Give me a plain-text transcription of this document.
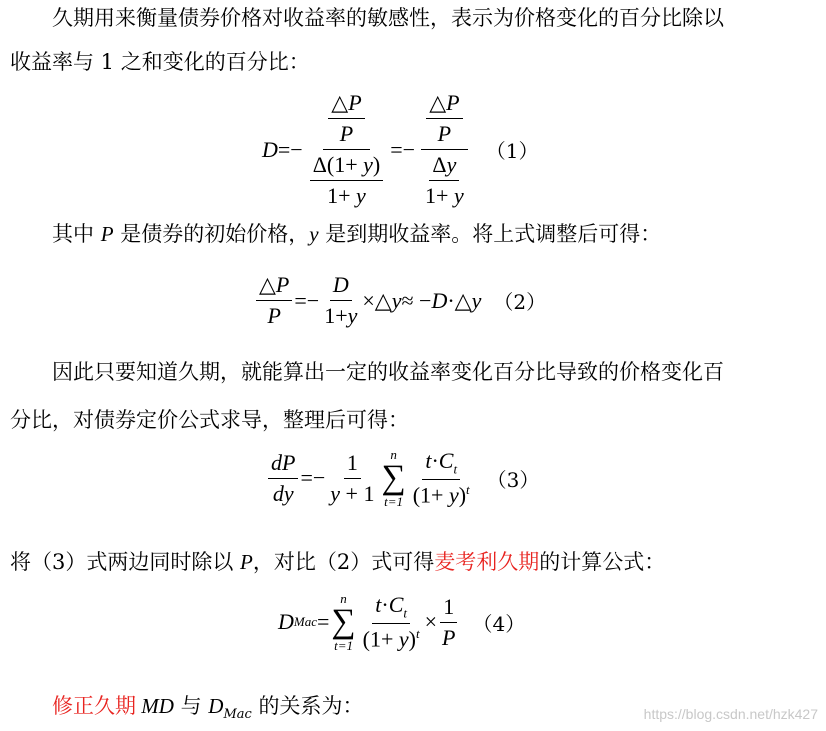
久期用来衡量债券价格对收益率的敏感性，表示为价格变化的百分比除以
收益率与 1 之和变化的百分比：
$D =- \frac{\frac{\triangle P}{P}}{\frac{\Delta(1+ y)}{1+ y}} =- \frac{\frac{\triangle P}{P}}{\frac{\Delta y}{1+ y}} (1)$
其中 P 是债券的初始价格，y 是到期收益率。将上式调整后可得：
$\frac{\triangle P}{P} =- \frac{D}{1+y}$ ×△ y ≈ − D ·△ y （2）
因此只要知道久期，就能算出一定的收益率变化百分比导致的价格变化百
分比，对债券定价公式求导，整理后可得：
$\frac{dP}{dy} =- \frac{1}{y + 1}$ n
∑
$t=1 \frac{t\cdot C_t}{(1+ y)^t} (3)$
将（3）式两边同时除以 P，对比（2）式可得麦考利久期的计算公式：
D Mac =
n
∑
$t=1 \frac{t\cdot C_t}{(1+ y)^t} \times \frac{1}{P} (4)$
修正久期 MD 与 $D_{Mac}$ 的关系为：	https://blog.csdn.net/hzk427
